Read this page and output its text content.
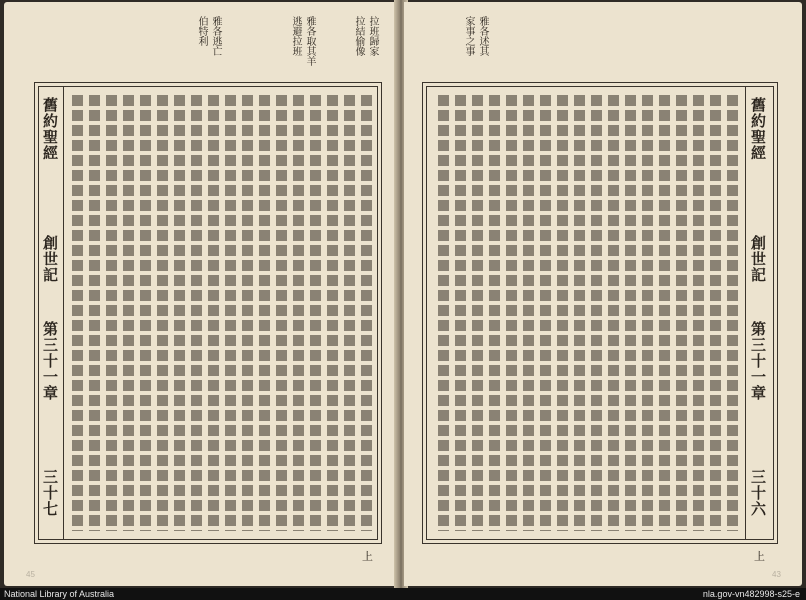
拉班歸家
拉結偷像
雅各取其羊
逃避拉班
雅各逃亡
伯特利
舊約聖經
創世記
第三十一章
三十七
上
雅各述其
家事之事
舊約聖經
創世記
第三十一章
三十六
上
45	43
National Library of Australia	nla.gov-vn482998-s25-e
